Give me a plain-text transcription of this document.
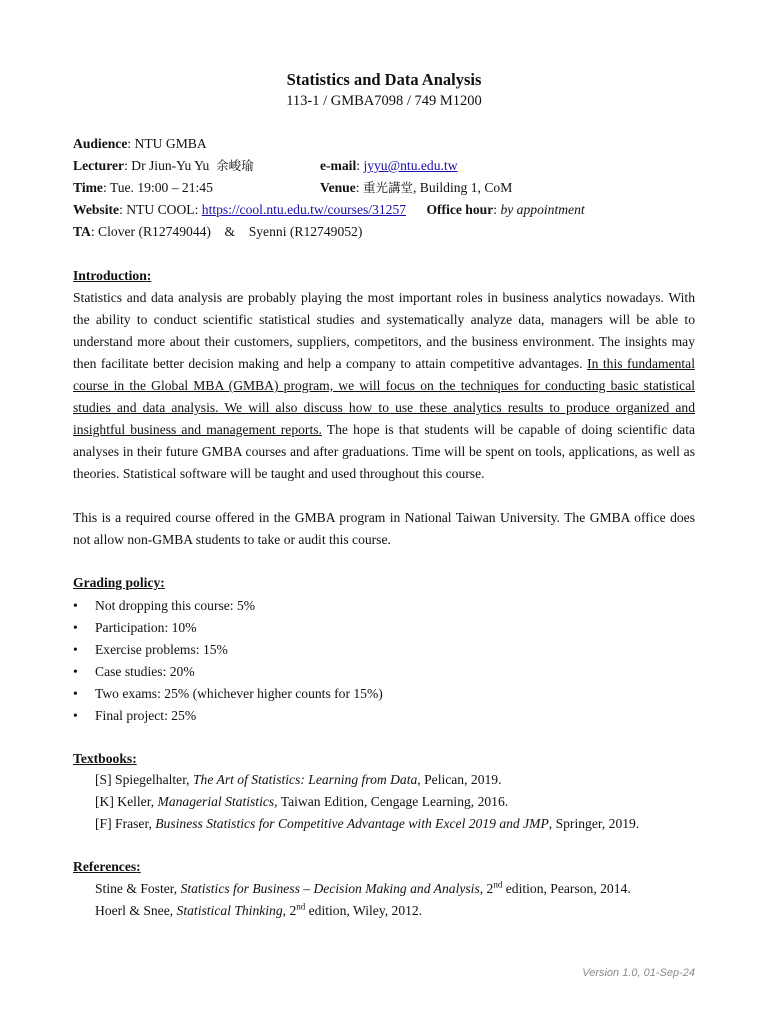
Statistics and Data Analysis
113-1 / GMBA7098 / 749 M1200
Audience: NTU GMBA
Lecturer: Dr Jiun-Yu Yu 余峻瑜	e-mail: jyyu@ntu.edu.tw
Time: Tue. 19:00 – 21:45	Venue: 重光講堂, Building 1, CoM
Website: NTU COOL: https://cool.ntu.edu.tw/courses/31257 Office hour: by appointment
TA: Clover (R12749044)    &    Syenni (R12749052)
Introduction:
Statistics and data analysis are probably playing the most important roles in business analytics nowadays. With the ability to conduct scientific statistical studies and systematically analyze data, managers will be able to understand more about their customers, suppliers, competitors, and the business environment. The insights may then facilitate better decision making and help a company to attain competitive advantages. In this fundamental course in the Global MBA (GMBA) program, we will focus on the techniques for conducting basic statistical studies and data analysis. We will also discuss how to use these analytics results to produce organized and insightful business and management reports. The hope is that students will be capable of doing scientific data analyses in their future GMBA courses and after graduations. Time will be spent on tools, applications, as well as theories. Statistical software will be taught and used throughout this course.
This is a required course offered in the GMBA program in National Taiwan University. The GMBA office does not allow non-GMBA students to take or audit this course.
Grading policy:
• Not dropping this course: 5%
• Participation: 10%
• Exercise problems: 15%
• Case studies: 20%
• Two exams: 25% (whichever higher counts for 15%)
• Final project: 25%
Textbooks:
[S] Spiegelhalter, The Art of Statistics: Learning from Data, Pelican, 2019.
[K] Keller, Managerial Statistics, Taiwan Edition, Cengage Learning, 2016.
[F] Fraser, Business Statistics for Competitive Advantage with Excel 2019 and JMP, Springer, 2019.
References:
Stine & Foster, Statistics for Business – Decision Making and Analysis, 2nd edition, Pearson, 2014.
Hoerl & Snee, Statistical Thinking, 2nd edition, Wiley, 2012.
Version 1.0, 01-Sep-24
